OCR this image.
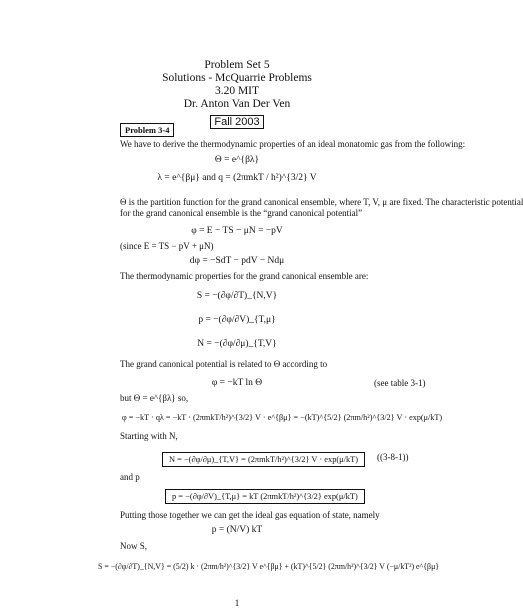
Problem Set 5
Solutions - McQuarrie Problems
3.20 MIT
Dr. Anton Van Der Ven
Fall 2003
Problem 3-4
We have to derive the thermodynamic properties of an ideal monatomic gas from the following:
Θ = e^{βλ}
λ = e^{βμ} and q = (2πmkT / h²)^{3/2} V
Θ is the partition function for the grand canonical ensemble, where T, V, μ are fixed. The characteristic potential
for the grand canonical ensemble is the “grand canonical potential”
φ = E − TS − μN = −pV
(since E = TS − pV + μN)
dφ = −SdT − pdV − Ndμ
The thermodynamic properties for the grand canonical ensemble are:
S = −(∂φ/∂T)_{N,V}
p = −(∂φ/∂V)_{T,μ}
N = −(∂φ/∂μ)_{T,V}
The grand canonical potential is related to Θ according to
φ = −kT ln Θ	(see table 3-1)
but Θ = e^{βλ} so,
φ = −kT · qλ = −kT · (2πmkT/h²)^{3/2} V · e^{βμ} = −(kT)^{5/2} (2πm/h²)^{3/2} V · exp(μ/kT)
Starting with N,
N = −(∂φ/∂μ)_{T,V} = (2πmkT/h²)^{3/2} V · exp(μ/kT)	((3-8-1))
and p
p = −(∂φ/∂V)_{T,μ} = kT (2πmkT/h²)^{3/2} exp(μ/kT)
Putting those together we can get the ideal gas equation of state, namely
p = (N/V) kT
Now S,
S = −(∂φ/∂T)_{N,V} = (5/2) k · (2πm/h²)^{3/2} V e^{βμ} + (kT)^{5/2} (2πm/h²)^{3/2} V (−μ/kT²) e^{βμ}
1
